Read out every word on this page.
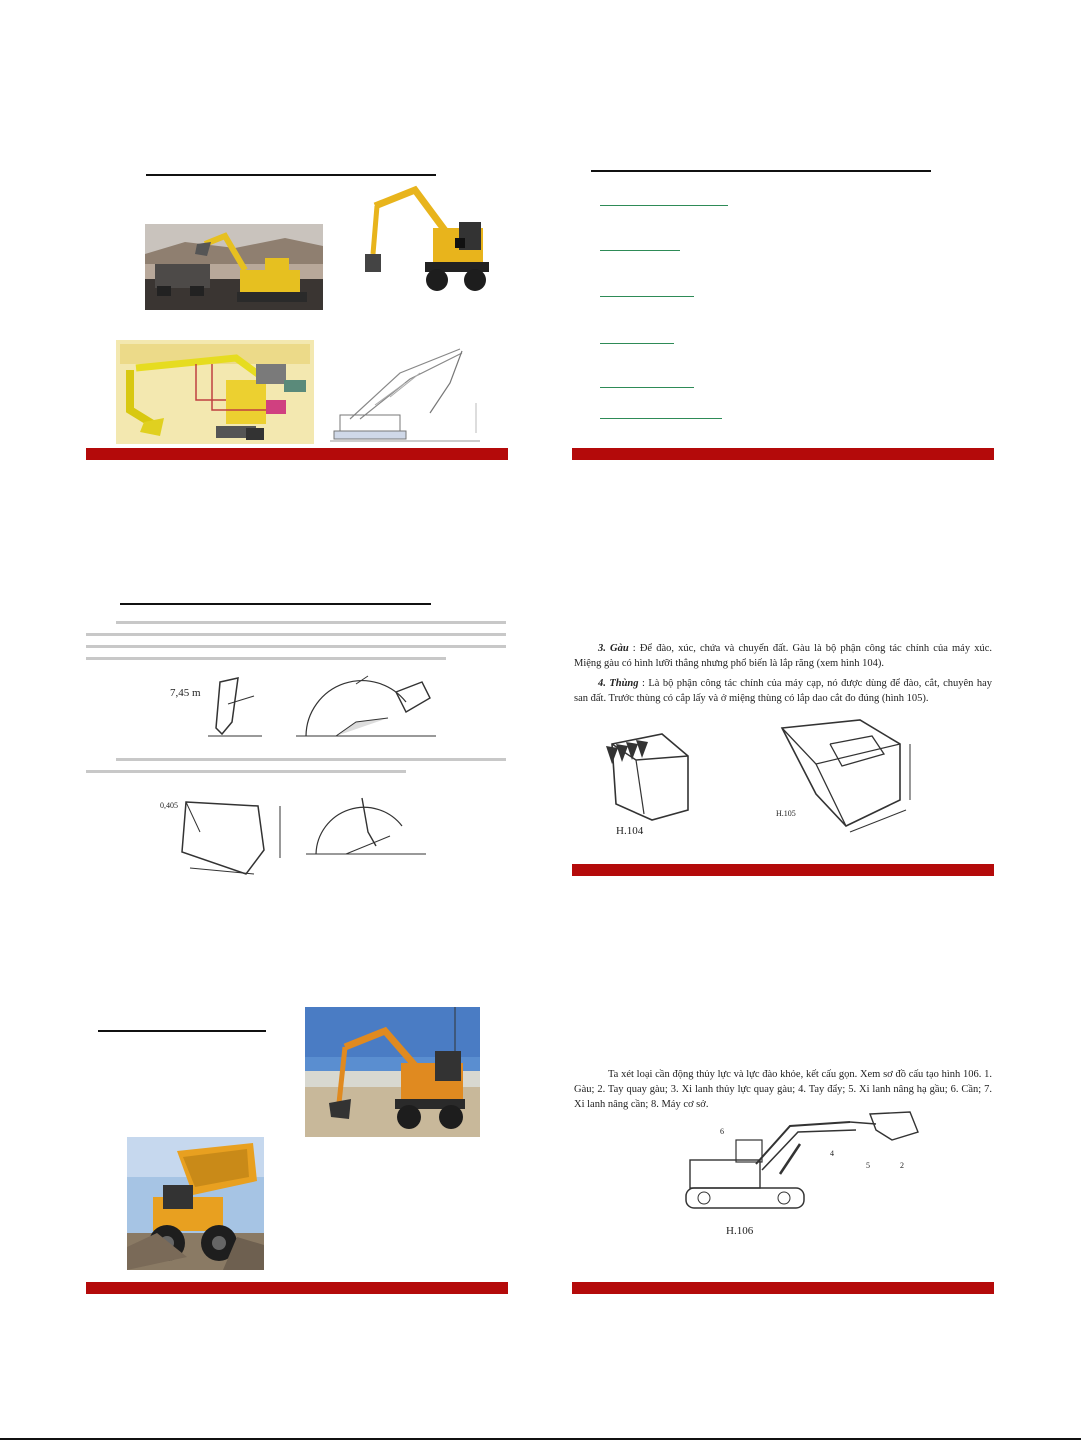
3. Gàu : Để đào, xúc, chứa và chuyển đất. Gàu là bộ phận công tác chính của máy xúc. Miệng gàu có hình lưỡi thẳng nhưng phổ biến là lắp răng (xem hình 104).
4. Thùng : Là bộ phận công tác chính của máy cạp, nó được dùng để đào, cắt, chuyên hay san đất. Trước thùng có cắp lấy và ở miệng thùng có lắp dao cắt đo đúng (hình 105).
H.104
H.105
7,45 m
0,405
Ta xét loại cần động thủy lực và lực đào khỏe, kết cấu gọn. Xem sơ đồ cấu tạo hình 106. 1. Gàu; 2. Tay quay gàu; 3. Xi lanh thủy lực quay gàu; 4. Tay đẩy; 5. Xi lanh nâng hạ gầu; 6. Cần; 7. Xi lanh nâng cần; 8. Máy cơ sở.
6
4
5	2
H.106
